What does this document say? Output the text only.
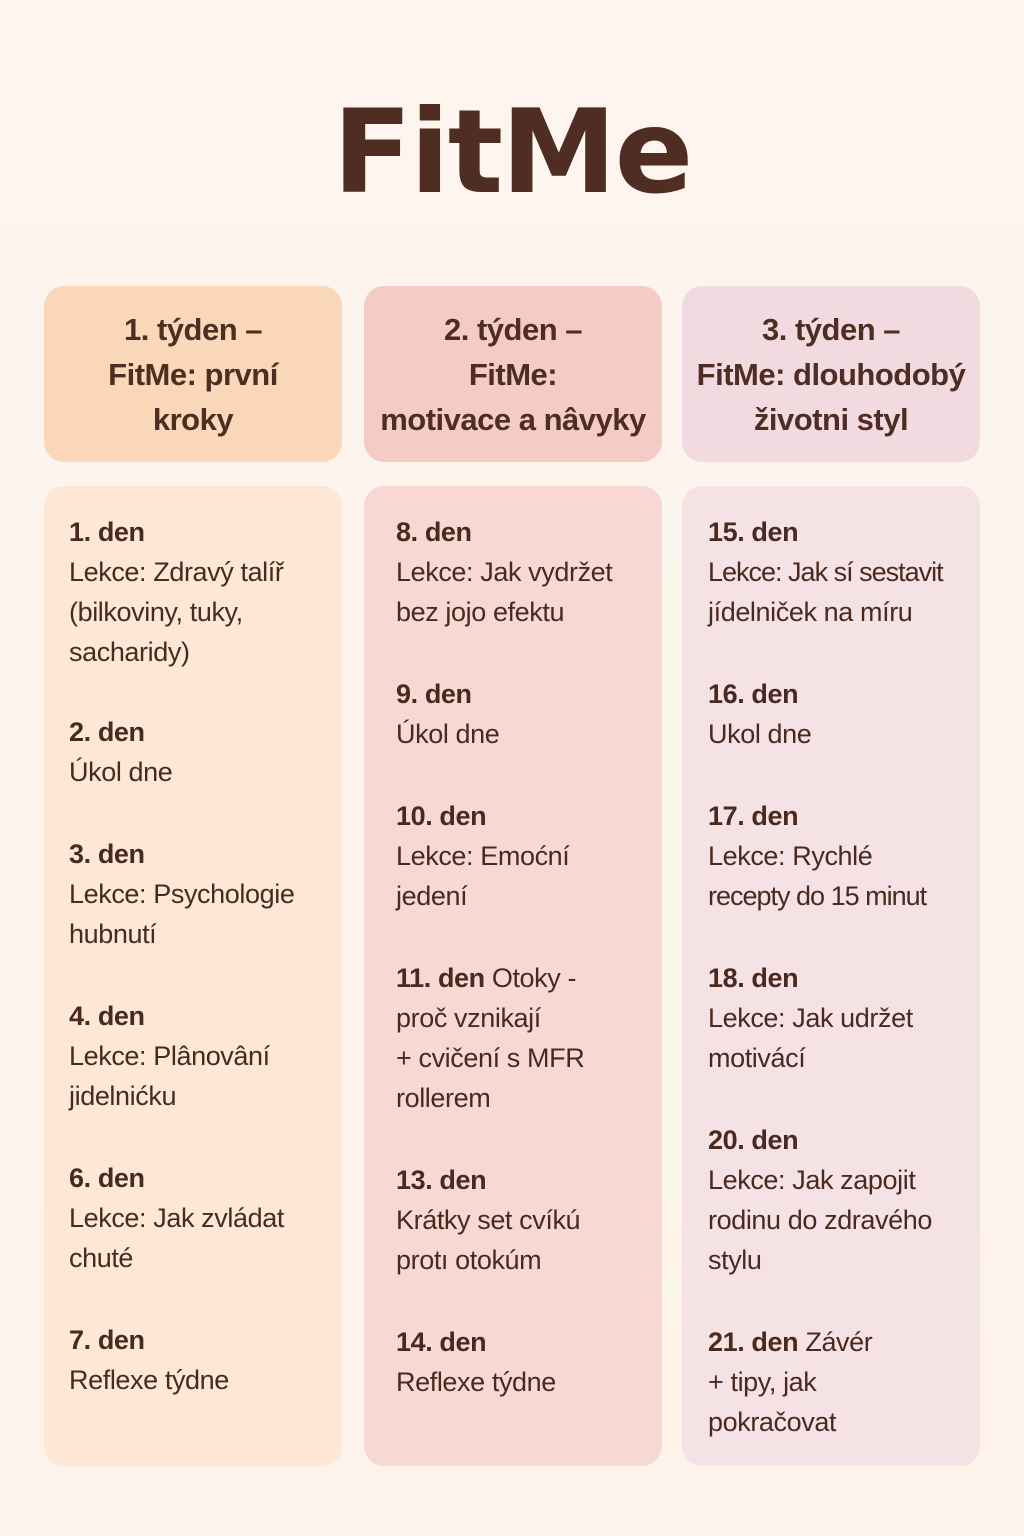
FitMe
1. týden –
FitMe: první
kroky
1. den
Lekce: Zdravý talíř
(bilkoviny, tuky,
sacharidy)
2. den
Úkol dne
3. den
Lekce: Psychologie
hubnutí
4. den
Lekce: Plânovâní
jidelnićku
6. den
Lekce: Jak zvládat
chuté
7. den
Reflexe týdne
2. týden –
FitMe:
motivace a nâvyky
8. den
Lekce: Jak vydržet
bez jojo efektu
9. den
Úkol dne
10. den
Lekce: Emoćní
jedení
11. den Otoky -
proč vznikají
+ cvičení s MFR
rollerem
13. den
Krátky set cvíkú
protı otokúm
14. den
Reflexe týdne
3. týden –
FitMe: dlouhodobý
životni styl
15. den
Lekce: Jak sí sestavit
jídelniček na míru
16. den
Ukol dne
17. den
Lekce: Rychlé
recepty do 15 minut
18. den
Lekce: Jak udržet
motivácí
20. den
Lekce: Jak zapojit
rodinu do zdravého
stylu
21. den Závér
+ tipy, jak
pokračovat
